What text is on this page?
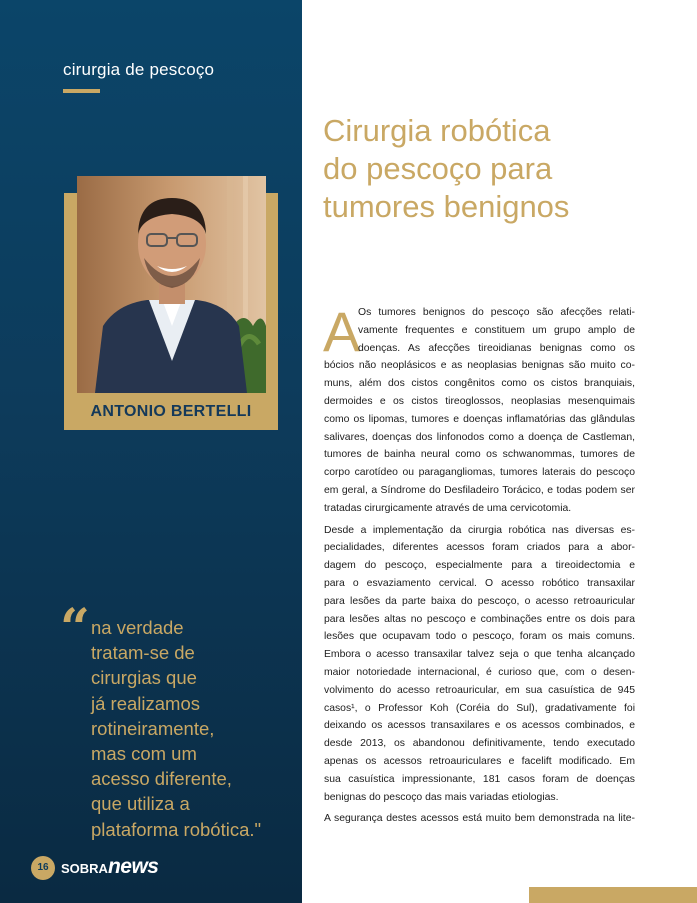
cirurgia de pescoço
ANTONIO BERTELLI
“ na verdade
tratam-se de
cirurgias que
já realizamos
rotineiramente,
mas com um
acesso diferente,
que utiliza a
plataforma robótica."
16 SOBRAnews
Cirurgia robótica
do pescoço para
tumores benignos
A

Os tumores benignos do pescoço são afecções relati-
vamente frequentes e constituem um grupo amplo de
doenças. As afecções tireoidianas benignas como os
bócios não neoplásicos e as neoplasias benignas são muito co-
muns, além dos cistos congênitos como os cistos branquiais,
dermoides e os cistos tireoglossos, neoplasias mesenquimais
como os lipomas, tumores e doenças inflamatórias das glândulas
salivares, doenças dos linfonodos como a doença de Castleman,
tumores de bainha neural como os schwanommas, tumores de
corpo carotídeo ou paragangliomas, tumores laterais do pescoço
em geral, a Síndrome do Desfiladeiro Torácico, e todas podem ser
tratadas cirurgicamente através de uma cervicotomia.

Desde a implementação da cirurgia robótica nas diversas es-
pecialidades, diferentes acessos foram criados para a abor-
dagem do pescoço, especialmente para a tireoidectomia e
para o esvaziamento cervical. O acesso robótico transaxilar
para lesões da parte baixa do pescoço, o acesso retroauricular
para lesões altas no pescoço e combinações entre os dois para
lesões que ocupavam todo o pescoço, foram os mais comuns.
Embora o acesso transaxilar talvez seja o que tenha alcançado
maior notoriedade internacional, é curioso que, com o desen-
volvimento do acesso retroauricular, em sua casuística de 945
casos¹, o Professor Koh (Coréia do Sul), gradativamente foi
deixando os acessos transaxilares e os acessos combinados, e
desde 2013, os abandonou definitivamente, tendo executado
apenas os acessos retroauriculares e facelift modificado. Em
sua casuística impressionante, 181 casos foram de doenças
benignas do pescoço das mais variadas etiologias.

A segurança destes acessos está muito bem demonstrada na lite-
